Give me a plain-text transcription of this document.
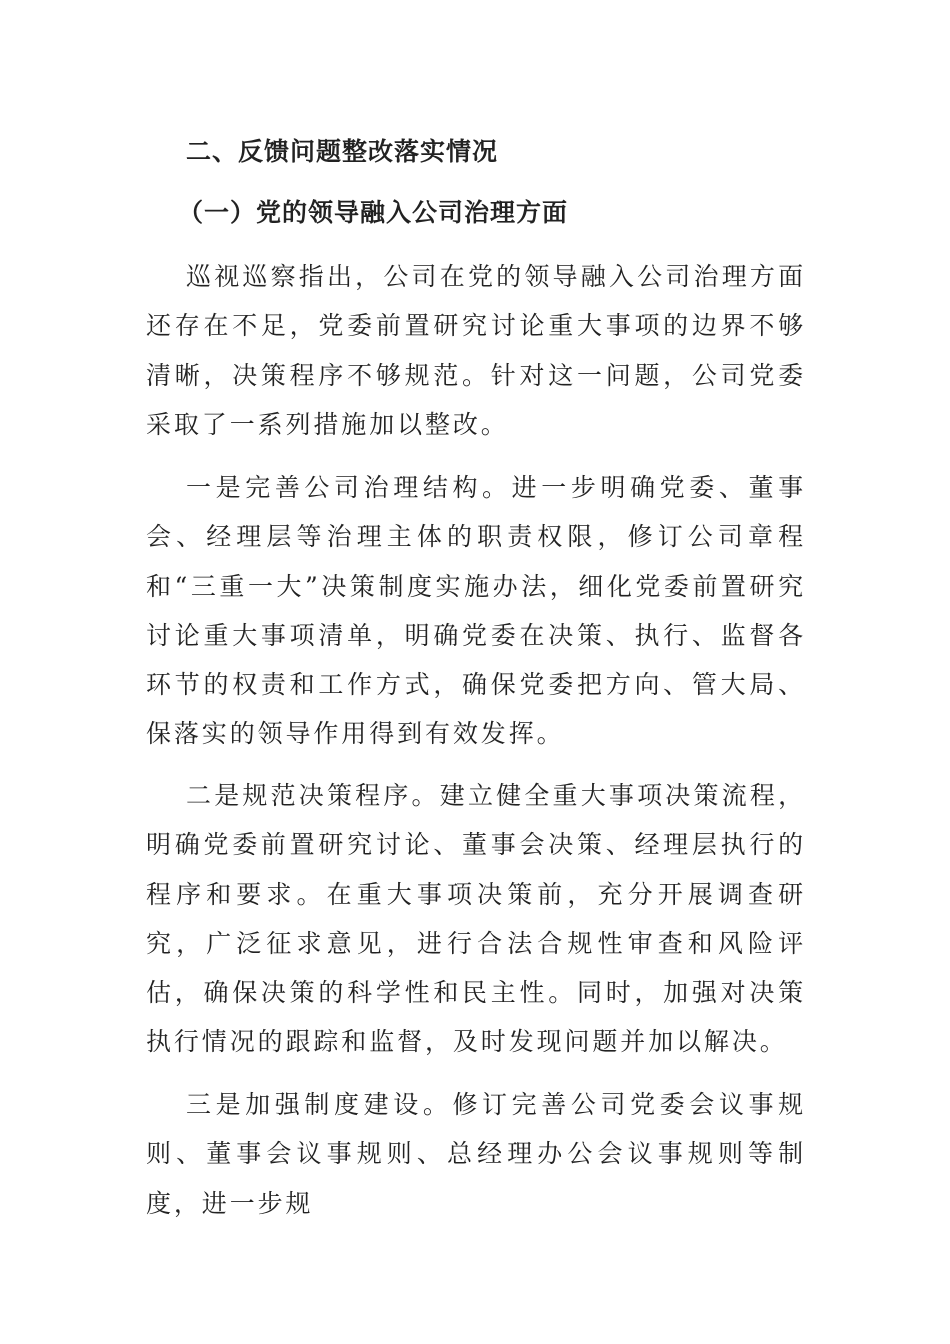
二、反馈问题整改落实情况
（一）党的领导融入公司治理方面

巡视巡察指出，公司在党的领导融入公司治理方面还存在不足，党委前置研究讨论重大事项的边界不够清晰，决策程序不够规范。针对这一问题，公司党委采取了一系列措施加以整改。

一是完善公司治理结构。进一步明确党委、董事会、经理层等治理主体的职责权限，修订公司章程和“三重一大”决策制度实施办法，细化党委前置研究讨论重大事项清单，明确党委在决策、执行、监督各环节的权责和工作方式，确保党委把方向、管大局、保落实的领导作用得到有效发挥。

二是规范决策程序。建立健全重大事项决策流程，明确党委前置研究讨论、董事会决策、经理层执行的程序和要求。在重大事项决策前，充分开展调查研究，广泛征求意见，进行合法合规性审查和风险评估，确保决策的科学性和民主性。同时，加强对决策执行情况的跟踪和监督，及时发现问题并加以解决。

三是加强制度建设。修订完善公司党委会议事规则、董事会议事规则、总经理办公会议事规则等制度，进一步规
